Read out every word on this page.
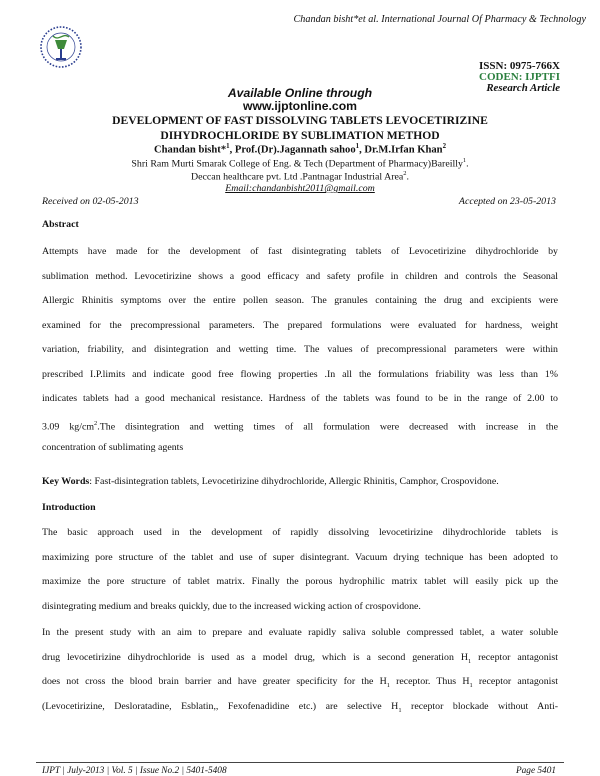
Chandan bisht*et al. International Journal Of Pharmacy & Technology
ISSN: 0975-766X
CODEN: IJPTFI
Research Article
Available Online through
www.ijptonline.com
DEVELOPMENT OF FAST DISSOLVING TABLETS LEVOCETIRIZINE
DIHYDROCHLORIDE BY SUBLIMATION METHOD
Chandan bisht*$^1$, Prof.(Dr).Jagannath sahoo$^1$, Dr.M.Irfan Khan$^2$
Shri Ram Murti Smarak College of Eng. & Tech (Department of Pharmacy)Bareilly$^1$.
Deccan healthcare pvt. Ltd .Pantnagar Industrial Area$^2$.
Email:chandanbisht2011@gmail.com
Received on 02-05-2013	Accepted on 23-05-2013
Abstract
Attempts have made for the development of fast disintegrating tablets of Levocetirizine dihydrochloride by
sublimation method. Levocetirizine shows a good efficacy and safety profile in children and controls the Seasonal
Allergic Rhinitis symptoms over the entire pollen season. The granules containing the drug and excipients were
examined for the precompressional parameters. The prepared formulations were evaluated for hardness, weight
variation, friability, and disintegration and wetting time. The values of precompressional parameters were within
prescribed I.P.limits and indicate good free flowing properties .In all the formulations friability was less than 1%
indicates tablets had a good mechanical resistance. Hardness of the tablets was found to be in the range of 2.00 to
3.09 $kg/cm^2.The$ disintegration and wetting times of all formulation were decreased with increase in the
concentration of sublimating agents
Key Words: Fast-disintegration tablets, Levocetirizine dihydrochloride, Allergic Rhinitis, Camphor, Crospovidone.
Introduction
The basic approach used in the development of rapidly dissolving levocetirizine dihydrochloride tablets is
maximizing pore structure of the tablet and use of super disintegrant. Vacuum drying technique has been adopted to
maximize the pore structure of tablet matrix. Finally the porous hydrophilic matrix tablet will easily pick up the
disintegrating medium and breaks quickly, due to the increased wicking action of crospovidone.
In the present study with an aim to prepare and evaluate rapidly saliva soluble compressed tablet, a water soluble
drug levocetirizine dihydrochloride is used as a model drug, which is a second generation $H_1$ receptor antagonist
does not cross the blood brain barrier and have greater specificity for the $H_1$ receptor. Thus $H_1$ receptor antagonist
(Levocetirizine, Desloratadine, Esblatin,, Fexofenadidine etc.) are selective $H_1$ receptor blockade without Anti-
IJPT | July-2013 | Vol. 5 | Issue No.2 | 5401-5408	Page 5401
